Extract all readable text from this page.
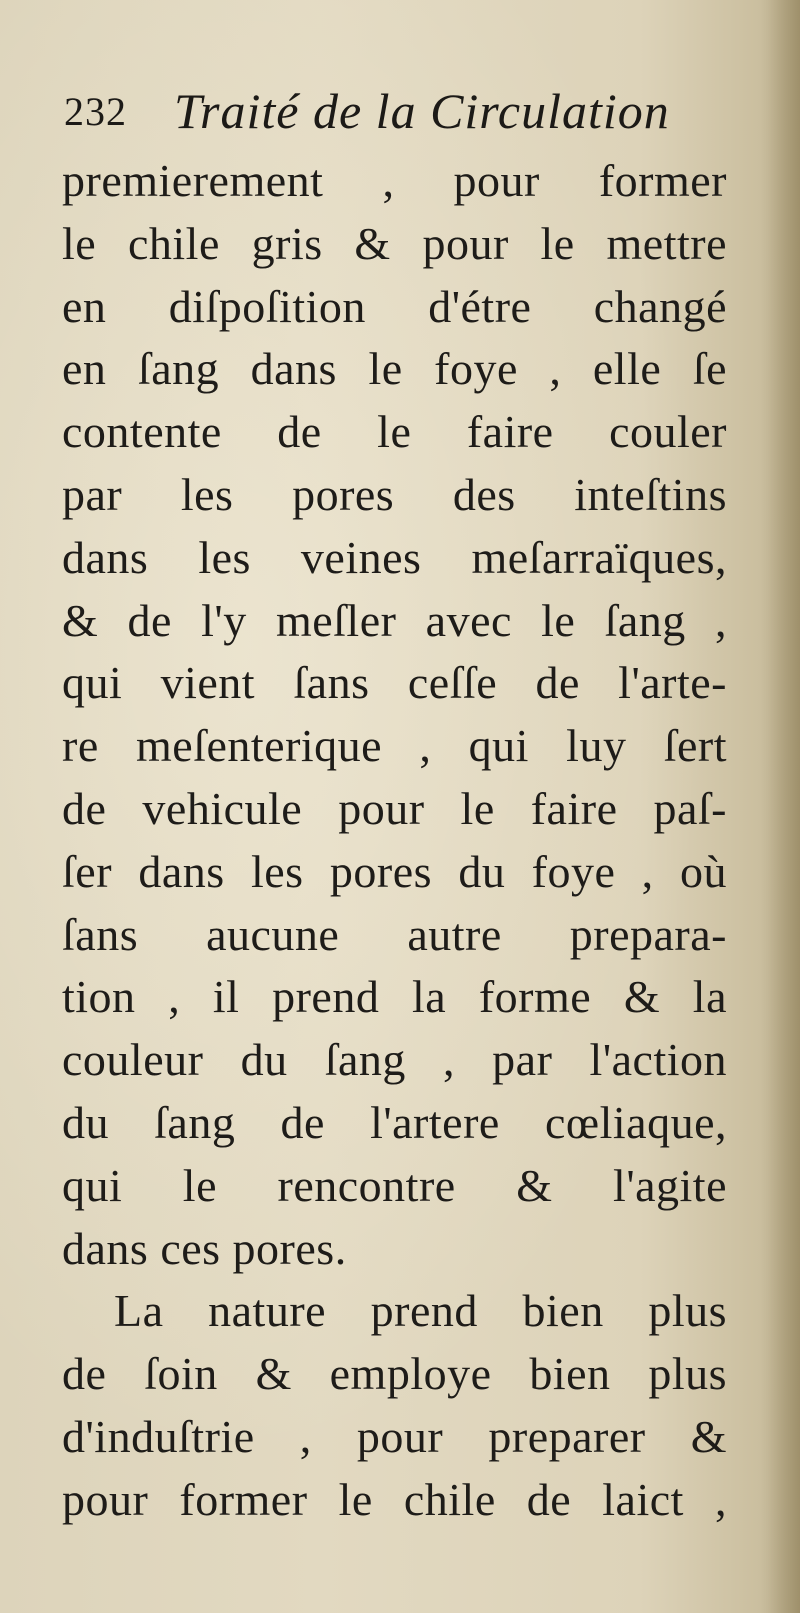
232 Traité de la Circulation
premierement , pour former
le chile gris & pour le mettre
en diſpoſition d'étre changé
en ſang dans le foye , elle ſe
contente de le faire couler
par les pores des inteſtins
dans les veines meſarraïques,
& de l'y meſler avec le ſang ,
qui vient ſans ceſſe de l'arte-
re meſenterique , qui luy ſert
de vehicule pour le faire paſ-
ſer dans les pores du foye , où
ſans aucune autre prepara-
tion , il prend la forme & la
couleur du ſang , par l'action
du ſang de l'artere cœliaque,
qui le rencontre & l'agite
dans ces pores.
La nature prend bien plus
de ſoin & employe bien plus
d'induſtrie , pour preparer &
pour former le chile de laict ,
